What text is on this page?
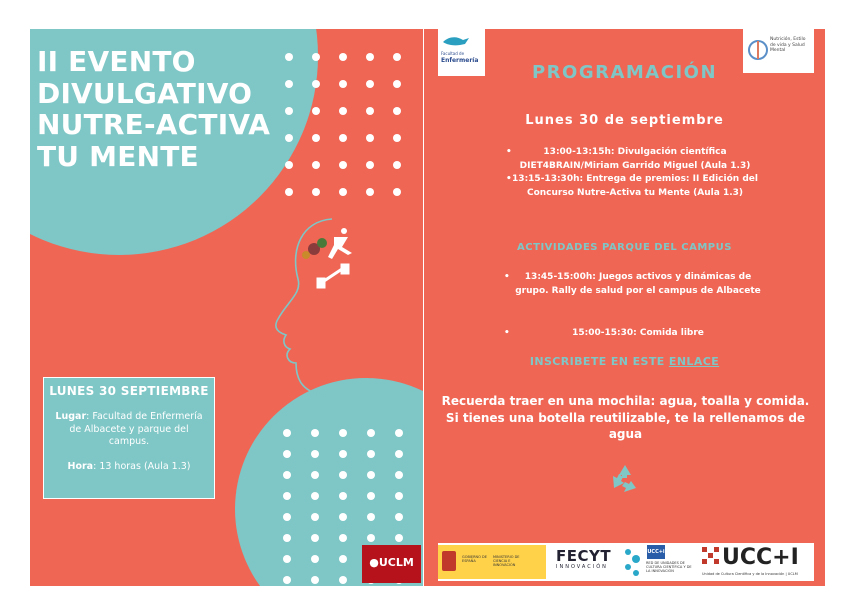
II EVENTO
DIVULGATIVO
NUTRE-ACTIVA
TU MENTE
LUNES 30 SEPTIEMBRE
Lugar: Facultad de Enfermería de Albacete y parque del campus.
Hora: 13 horas (Aula 1.3)
●UCLM
Facultad de
Enfermería
Nutrición, Estilo de vida y Salud Mental
PROGRAMACIÓN
Lunes 30 de septiembre
• 13:00-13:15h: Divulgación científica DIET4BRAIN/Miriam Garrido Miguel (Aula 1.3)
• 13:15-13:30h: Entrega de premios: II Edición del Concurso Nutre-Activa tu Mente (Aula 1.3)
ACTIVIDADES PARQUE DEL CAMPUS
• 13:45-15:00h: Juegos activos y dinámicas de grupo. Rally de salud por el campus de Albacete
• 15:00-15:30: Comida libre
INSCRIBETE EN ESTE ENLACE
Recuerda traer en una mochila: agua, toalla y comida. Si tienes una botella reutilizable, te la rellenamos de agua
GOBIERNO DE ESPAÑA
MINISTERIO DE CIENCIA E INNOVACIÓN	FECYT
INNOVACIÓN
UCC+i
RED DE UNIDADES DE CULTURA CIENTÍFICA Y DE LA INNOVACIÓN
UCC+I
Unidad de Cultura Científica y de la Innovación | UCLM
